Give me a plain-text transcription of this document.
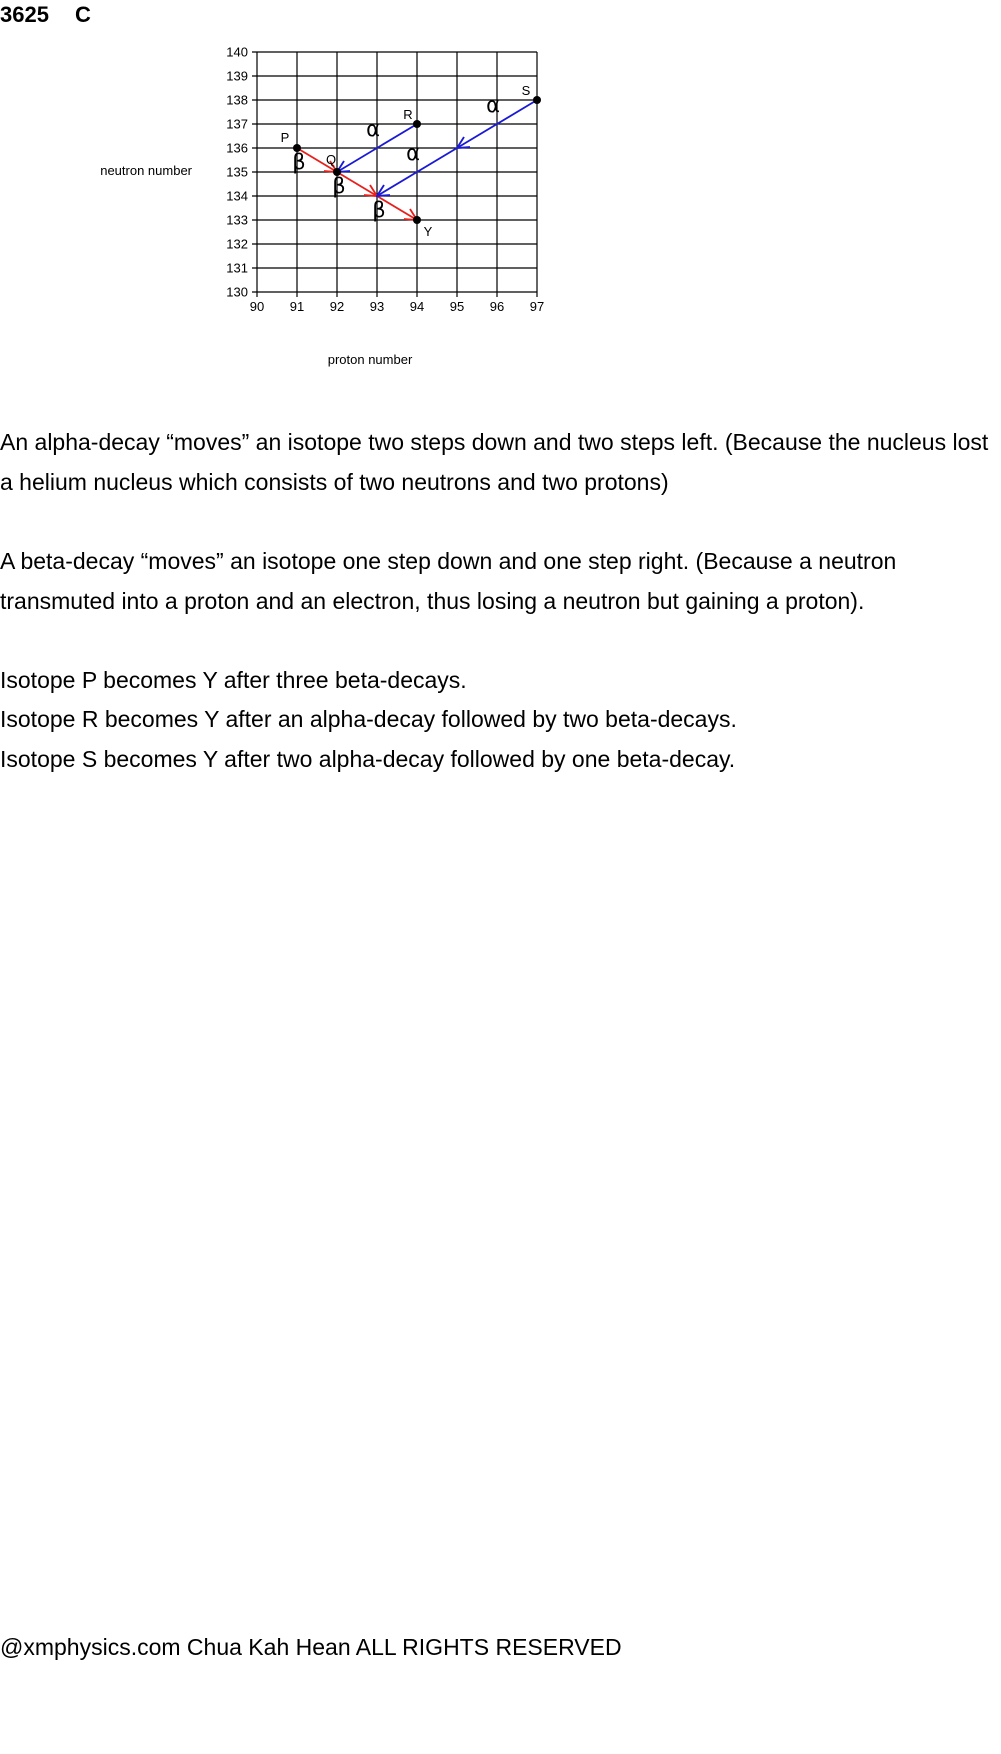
3625 C
90 91 92 93 94 95 96 97
130
131
132
133
134
135
136
137
138
139
140
β
β
β
α
α
α
P
Q
R
S
Y
proton number
neutron number

An alpha-decay “moves” an isotope two steps down and two steps left. (Because the nucleus lost a helium nucleus which consists of two neutrons and two protons)

A beta-decay “moves” an isotope one step down and one step right. (Because a neutron transmuted into a proton and an electron, thus losing a neutron but gaining a proton).

Isotope P becomes Y after three beta-decays.

Isotope R becomes Y after an alpha-decay followed by two beta-decays.

Isotope S becomes Y after two alpha-decay followed by one beta-decay.

@xmphysics.com Chua Kah Hean ALL RIGHTS RESERVED
